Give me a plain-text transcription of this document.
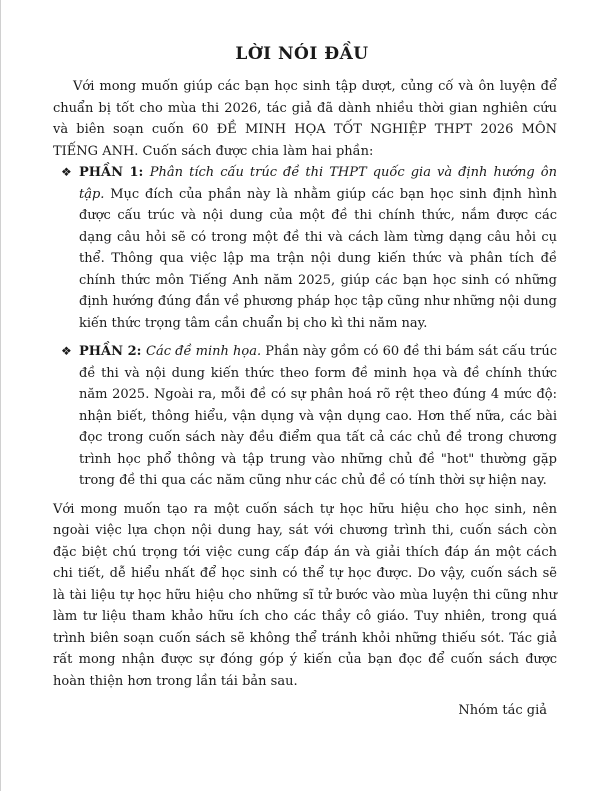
LỜI NÓI ĐẦU

Với mong muốn giúp các bạn học sinh tập dượt, củng cố và ôn luyện để chuẩn bị tốt cho mùa thi 2026, tác giả đã dành nhiều thời gian nghiên cứu và biên soạn cuốn 60 ĐỀ MINH HỌA TỐT NGHIỆP THPT 2026 MÔN TIẾNG ANH. Cuốn sách được chia làm hai phần:

❖ PHẦN 1: Phân tích cấu trúc đề thi THPT quốc gia và định hướng ôn tập. Mục đích của phần này là nhằm giúp các bạn học sinh định hình được cấu trúc và nội dung của một đề thi chính thức, nắm được các dạng câu hỏi sẽ có trong một đề thi và cách làm từng dạng câu hỏi cụ thể. Thông qua việc lập ma trận nội dung kiến thức và phân tích đề chính thức môn Tiếng Anh năm 2025, giúp các bạn học sinh có những định hướng đúng đắn về phương pháp học tập cũng như những nội dung kiến thức trọng tâm cần chuẩn bị cho kì thi năm nay.

❖ PHẦN 2: Các đề minh họa. Phần này gồm có 60 đề thi bám sát cấu trúc đề thi và nội dung kiến thức theo form đề minh họa và đề chính thức năm 2025. Ngoài ra, mỗi đề có sự phân hoá rõ rệt theo đúng 4 mức độ: nhận biết, thông hiểu, vận dụng và vận dụng cao. Hơn thế nữa, các bài đọc trong cuốn sách này đều điểm qua tất cả các chủ đề trong chương trình học phổ thông và tập trung vào những chủ đề "hot" thường gặp trong đề thi qua các năm cũng như các chủ đề có tính thời sự hiện nay.

Với mong muốn tạo ra một cuốn sách tự học hữu hiệu cho học sinh, nên ngoài việc lựa chọn nội dung hay, sát với chương trình thi, cuốn sách còn đặc biệt chú trọng tới việc cung cấp đáp án và giải thích đáp án một cách chi tiết, dễ hiểu nhất để học sinh có thể tự học được. Do vậy, cuốn sách sẽ là tài liệu tự học hữu hiệu cho những sĩ tử bước vào mùa luyện thi cũng như làm tư liệu tham khảo hữu ích cho các thầy cô giáo. Tuy nhiên, trong quá trình biên soạn cuốn sách sẽ không thể tránh khỏi những thiếu sót. Tác giả rất mong nhận được sự đóng góp ý kiến của bạn đọc để cuốn sách được hoàn thiện hơn trong lần tái bản sau.

Nhóm tác giả
